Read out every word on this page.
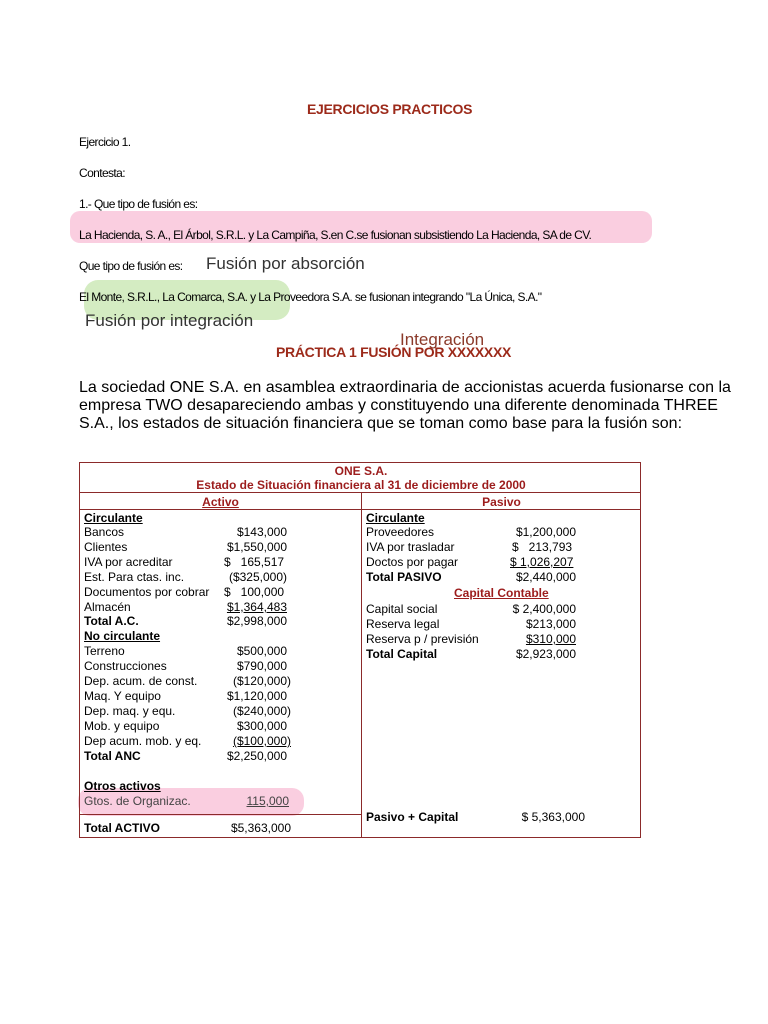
EJERCICIOS PRACTICOS
Ejercicio 1.
Contesta:
1.- Que tipo de fusión es:
La Hacienda, S. A., El Árbol, S.R.L. y La Campiña, S.en C.se fusionan subsistiendo La Hacienda, SA de CV.
Que tipo de fusión es: Fusión por absorción
El Monte, S.R.L., La Comarca, S.A. y La Proveedora S.A. se fusionan integrando "La Única, S.A."
Fusión por integración
Integración
PRÁCTICA 1 FUSIÓN POR XXXXXXX
La sociedad ONE S.A. en asamblea extraordinaria de accionistas acuerda fusionarse con la
empresa TWO desapareciendo ambas y constituyendo una diferente denominada THREE
S.A., los estados de situación financiera que se toman como base para la fusión son:
ONE S.A.
Estado de Situación financiera al 31 de diciembre de 2000
Activo	Pasivo
Circulante
Bancos	$143,000
Clientes	$1,550,000
IVA por acreditar	$   165,517
Est. Para ctas. inc.	($325,000)
Documentos por cobrar $   100,000
Almacén	$1,364,483
Total A.C.	$2,998,000
No circulante
Terreno	$500,000
Construcciones	$790,000
Dep. acum. de const.	($120,000)
Maq. Y equipo	$1,120,000
Dep. maq. y equ.	($240,000)
Mob. y equipo	$300,000
Dep acum. mob. y eq.	($100,000)
Total ANC	$2,250,000
Otros activos
Gtos. de Organizac.	115,000
Total ACTIVO	$5,363,000
Circulante
Proveedores	$1,200,000
IVA por trasladar	$   213,793
Doctos por pagar	$ 1,026,207
Total PASIVO	$2,440,000
Capital Contable
Capital social	$ 2,400,000
Reserva legal	$213,000
Reserva p / previsión	$310,000
Total Capital	$2,923,000
Pasivo + Capital	$ 5,363,000
